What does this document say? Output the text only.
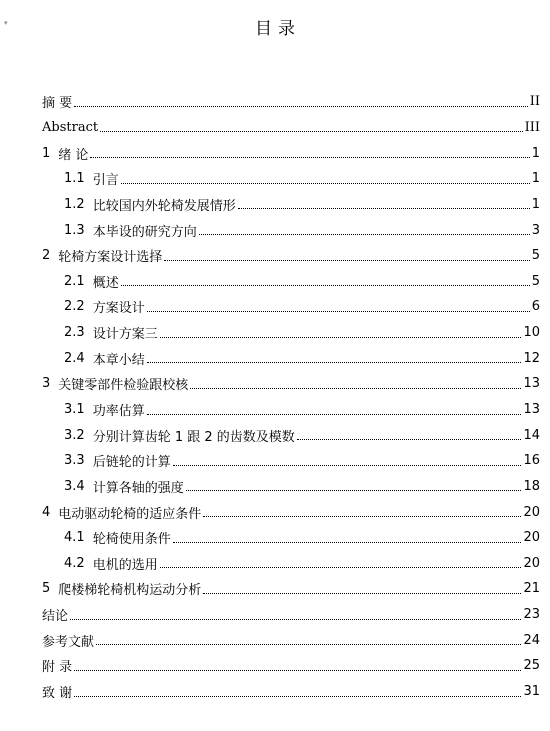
▾	目录
摘 要	II
Abstract	III
1 绪 论	1
1.1 引言	1
1.2 比较国内外轮椅发展情形	1
1.3 本毕设的研究方向	3
2 轮椅方案设计选择	5
2.1 概述	5
2.2 方案设计	6
2.3 设计方案三	10
2.4 本章小结	12
3 关键零部件检验跟校核	13
3.1 功率估算	13
3.2 分别计算齿轮 1 跟 2 的齿数及模数	14
3.3 后链轮的计算	16
3.4 计算各轴的强度	18
4 电动驱动轮椅的适应条件	20
4.1 轮椅使用条件	20
4.2 电机的选用	20
5 爬楼梯轮椅机构运动分析	21
结论	23
参考文献	24
附 录	25
致 谢	31
